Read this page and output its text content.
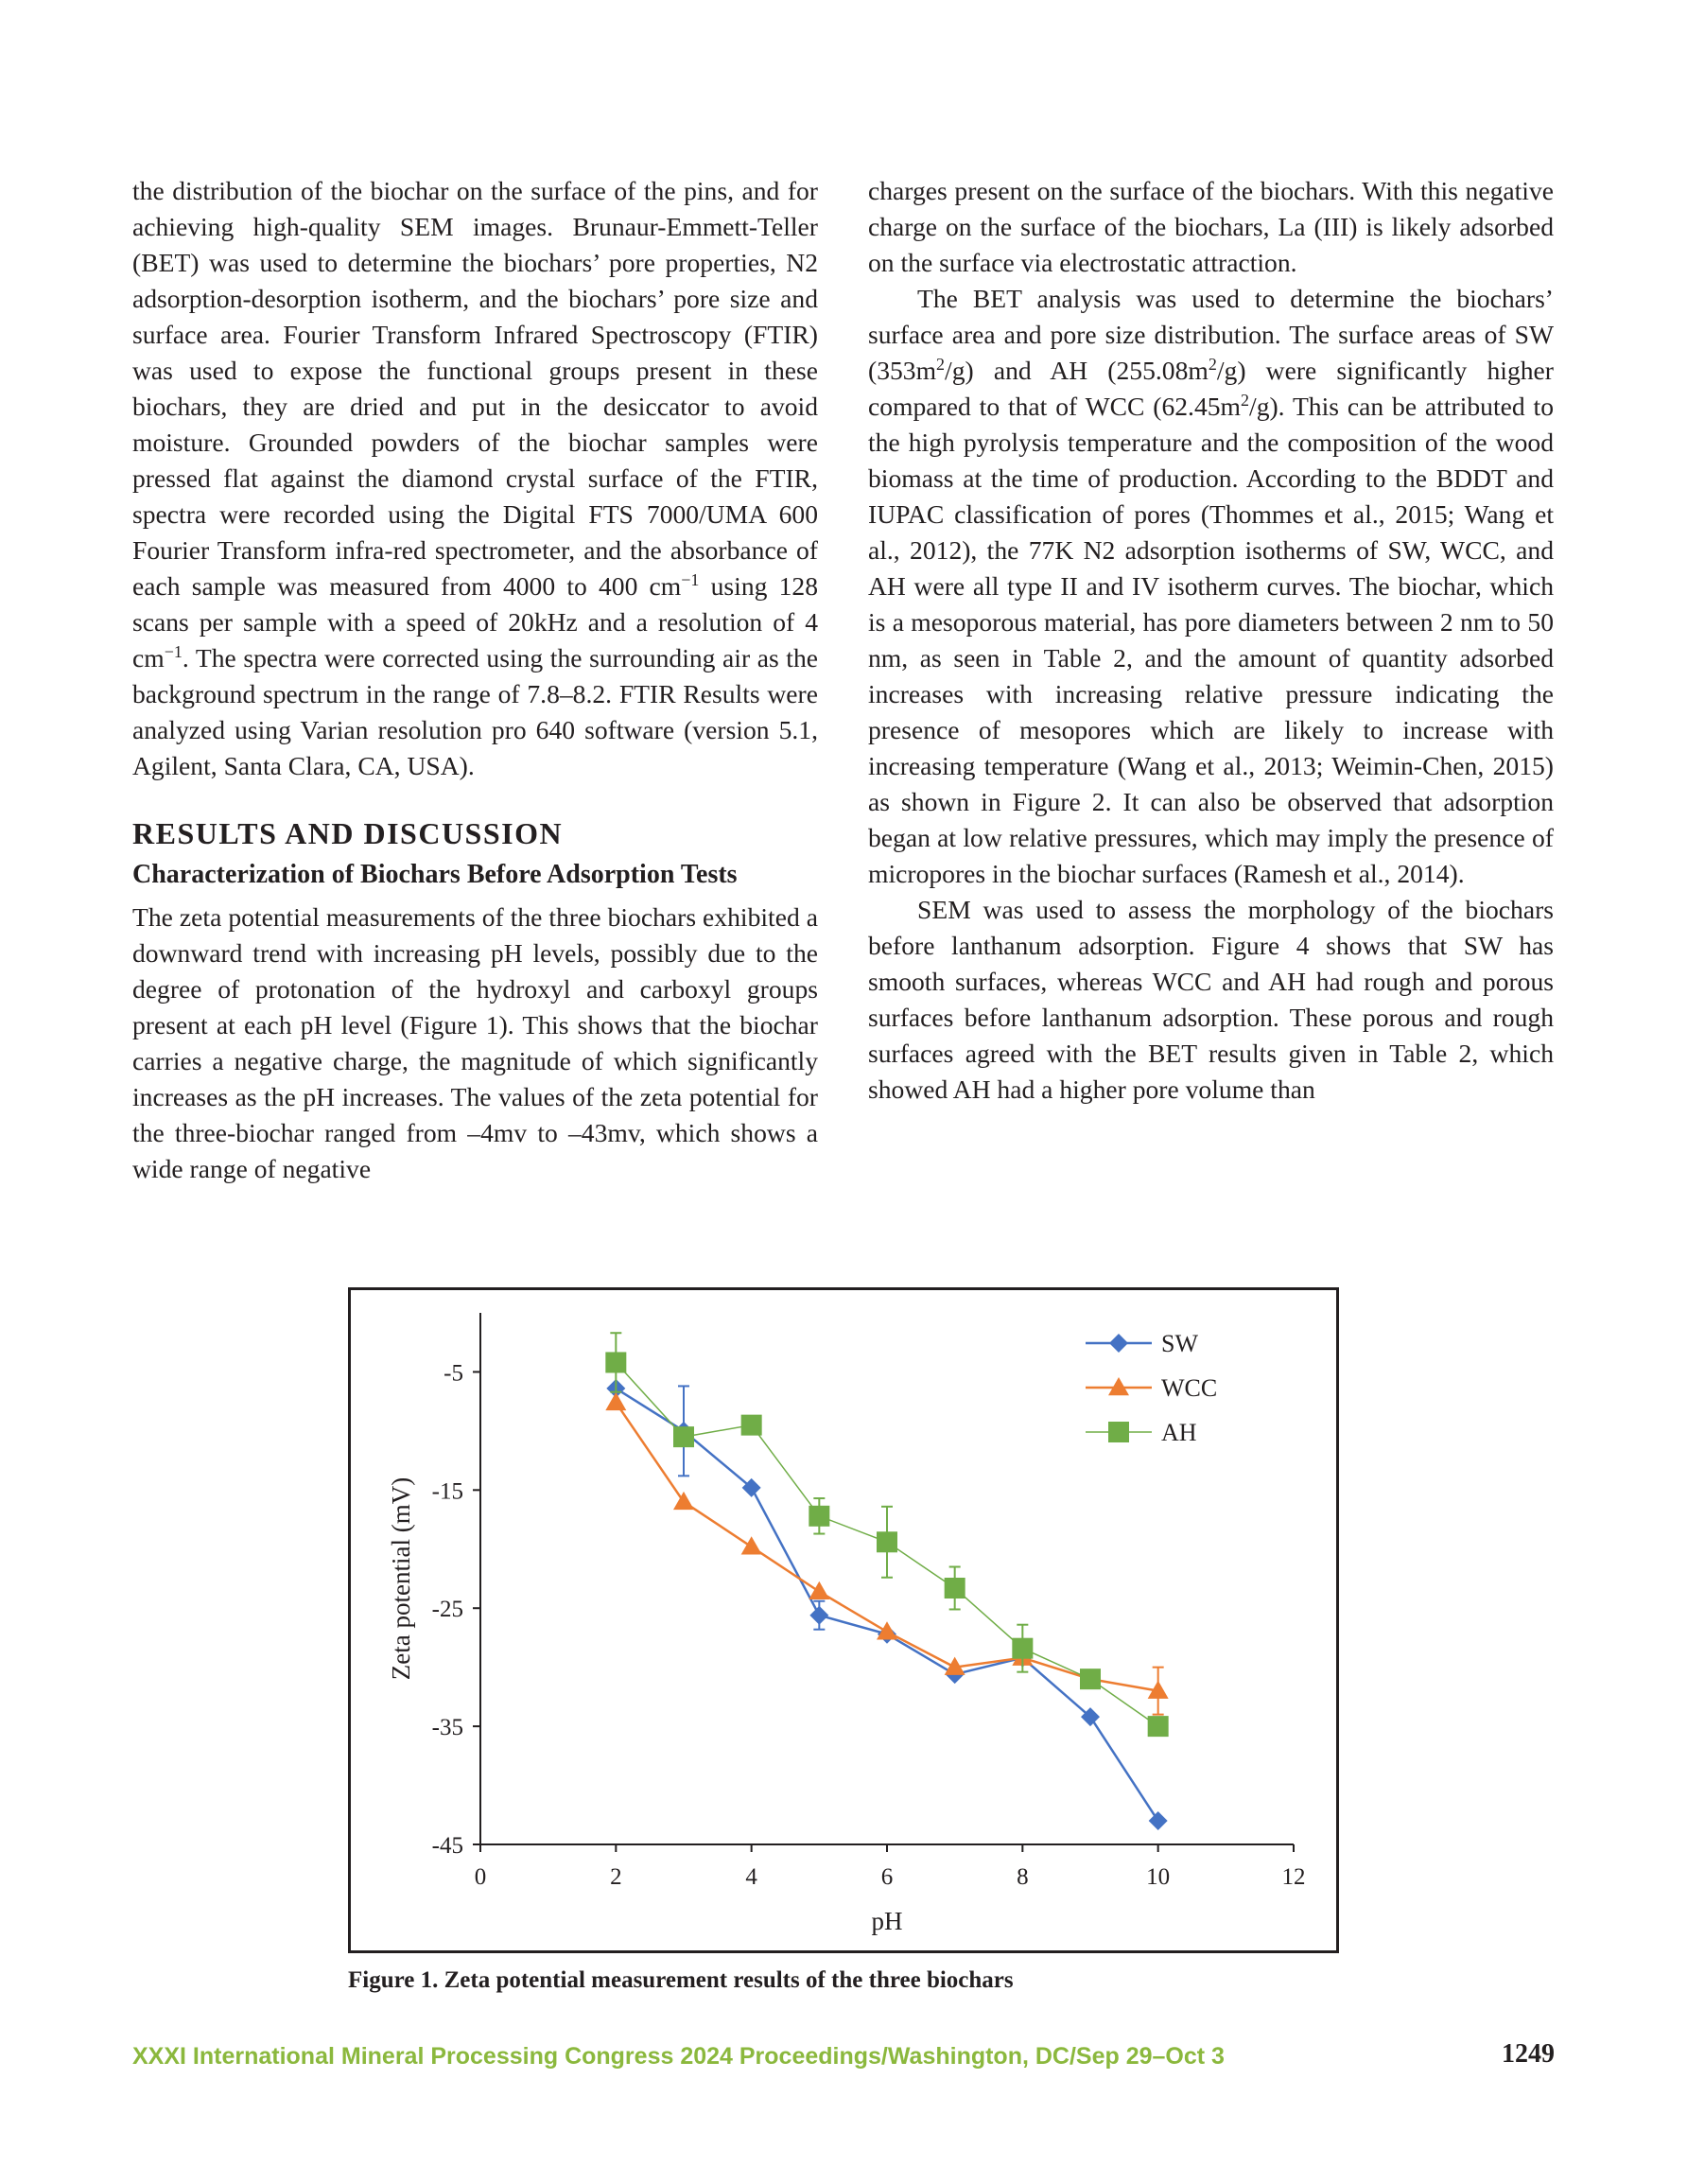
the distribution of the biochar on the surface of the pins, and for achieving high-quality SEM images. Brunaur-Emmett-Teller (BET) was used to determine the biochars’ pore properties, N2 adsorption-desorption isotherm, and the biochars’ pore size and surface area. Fourier Transform Infrared Spectroscopy (FTIR) was used to expose the functional groups present in these biochars, they are dried and put in the desiccator to avoid moisture. Grounded powders of the biochar samples were pressed flat against the diamond crystal surface of the FTIR, spectra were recorded using the Digital FTS 7000/UMA 600 Fourier Transform infra-red spectrometer, and the absorbance of each sample was measured from 4000 to 400 $cm^{-1}$ using 128 scans per sample with a speed of 20kHz and a resolution of 4 $cm^{-1}$. The spectra were corrected using the surrounding air as the background spectrum in the range of 7.8–8.2. FTIR Results were analyzed using Varian resolution pro 640 software (version 5.1, Agilent, Santa Clara, CA, USA).

RESULTS AND DISCUSSION
Characterization of Biochars Before Adsorption Tests

The zeta potential measurements of the three biochars exhibited a downward trend with increasing pH levels, possibly due to the degree of protonation of the hydroxyl and carboxyl groups present at each pH level (Figure 1). This shows that the biochar carries a negative charge, the magnitude of which significantly increases as the pH increases. The values of the zeta potential for the three-biochar ranged from –4mv to –43mv, which shows a wide range of negative

charges present on the surface of the biochars. With this negative charge on the surface of the biochars, La (III) is likely adsorbed on the surface via electrostatic attraction.

The BET analysis was used to determine the biochars’ surface area and pore size distribution. The surface areas of SW $(353m^2/g)$ and AH $(255.08m^2/g)$ were significantly higher compared to that of WCC $(62.45m^2/g)$. This can be attributed to the high pyrolysis temperature and the composition of the wood biomass at the time of production. According to the BDDT and IUPAC classification of pores (Thommes et al., 2015; Wang et al., 2012), the 77K N2 adsorption isotherms of SW, WCC, and AH were all type II and IV isotherm curves. The biochar, which is a mesoporous material, has pore diameters between 2 nm to 50 nm, as seen in Table 2, and the amount of quantity adsorbed increases with increasing relative pressure indicating the presence of mesopores which are likely to increase with increasing temperature (Wang et al., 2013; Weimin-Chen, 2015) as shown in Figure 2. It can also be observed that adsorption began at low relative pressures, which may imply the presence of micropores in the biochar surfaces (Ramesh et al., 2014).

SEM was used to assess the morphology of the biochars before lanthanum adsorption. Figure 4 shows that SW has smooth surfaces, whereas WCC and AH had rough and porous surfaces before lanthanum adsorption. These porous and rough surfaces agreed with the BET results given in Table 2, which showed AH had a higher pore volume than

0	2	4	6	8	10	12
-5
-15
-25
-35
-45
pH
Zeta potential (mV)
SW
WCC
AH
Figure 1. Zeta potential measurement results of the three biochars
XXXI International Mineral Processing Congress 2024 Proceedings/Washington, DC/Sep 29–Oct 3	1249
